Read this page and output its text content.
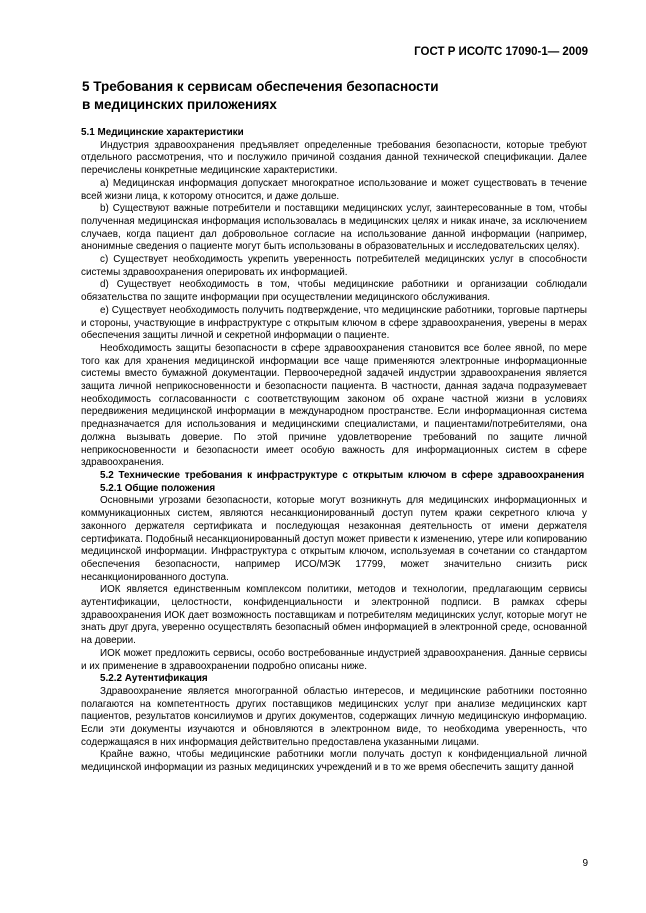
ГОСТ Р ИСО/ТС 17090-1— 2009
5 Требования к сервисам обеспечения безопасности
в медицинских приложениях

5.1 Медицинские характеристики

Индустрия здравоохранения предъявляет определенные требования безопасности, которые требуют отдельного рассмотрения, что и послужило причиной создания данной технической спецификации. Далее перечислены конкретные медицинские характеристики.

а) Медицинская информация допускает многократное использование и может существовать в течение всей жизни лица, к которому относится, и даже дольше.

b) Существуют важные потребители и поставщики медицинских услуг, заинтересованные в том, чтобы полученная медицинская информация использовалась в медицинских целях и никак иначе, за исключением случаев, когда пациент дал добровольное согласие на использование данной информации (например, анонимные сведения о пациенте могут быть использованы в образовательных и исследовательских целях).

с) Существует необходимость укрепить уверенность потребителей медицинских услуг в способности системы здравоохранения оперировать их информацией.

d) Существует необходимость в том, чтобы медицинские работники и организации соблюдали обязательства по защите информации при осуществлении медицинского обслуживания.

е) Существует необходимость получить подтверждение, что медицинские работники, торговые партнеры и стороны, участвующие в инфраструктуре с открытым ключом в сфере здравоохранения, уверены в мерах обеспечения защиты личной и секретной информации о пациенте.

Необходимость защиты безопасности в сфере здравоохранения становится все более явной, по мере того как для хранения медицинской информации все чаще применяются электронные информационные системы вместо бумажной документации. Первоочередной задачей индустрии здравоохранения является защита личной неприкосновенности и безопасности пациента. В частности, данная задача подразумевает необходимость согласованности с соответствующим законом об охране частной жизни в условиях передвижения медицинской информации в международном пространстве. Если информационная система предназначается для использования и медицинскими специалистами, и пациентами/потребителями, она должна вызывать доверие. По этой причине удовлетворение требований по защите личной неприкосновенности и безопасности имеет особую важность для информационных систем в сфере здравоохранения.

5.2 Технические требования к инфраструктуре с открытым ключом в сфере здравоохранения

5.2.1 Общие положения

Основными угрозами безопасности, которые могут возникнуть для медицинских информационных и коммуникационных систем, являются несанкционированный доступ путем кражи секретного ключа у законного держателя сертификата и последующая незаконная деятельность от имени держателя сертификата. Подобный несанкционированный доступ может привести к изменению, утере или копированию медицинской информации. Инфраструктура с открытым ключом, используемая в сочетании со стандартом обеспечения безопасности, например ИСО/МЭК 17799, может значительно снизить риск несанкционированного доступа.

ИОК является единственным комплексом политики, методов и технологии, предлагающим сервисы аутентификации, целостности, конфиденциальности и электронной подписи. В рамках сферы здравоохранения ИОК дает возможность поставщикам и потребителям медицинских услуг, которые могут не знать друг друга, уверенно осуществлять безопасный обмен информацией в электронной среде, основанной на доверии.

ИОК может предложить сервисы, особо востребованные индустрией здравоохранения. Данные сервисы и их применение в здравоохранении подробно описаны ниже.

5.2.2 Аутентификация

Здравоохранение является многогранной областью интересов, и медицинские работники постоянно полагаются на компетентность других поставщиков медицинских услуг при анализе медицинских карт пациентов, результатов консилиумов и других документов, содержащих личную медицинскую информацию. Если эти документы изучаются и обновляются в электронном виде, то необходима уверенность, что содержащаяся в них информация действительно предоставлена указанными лицами.

Крайне важно, чтобы медицинские работники могли получать доступ к конфиденциальной личной медицинской информации из разных медицинских учреждений и в то же время обеспечить защиту данной

9
